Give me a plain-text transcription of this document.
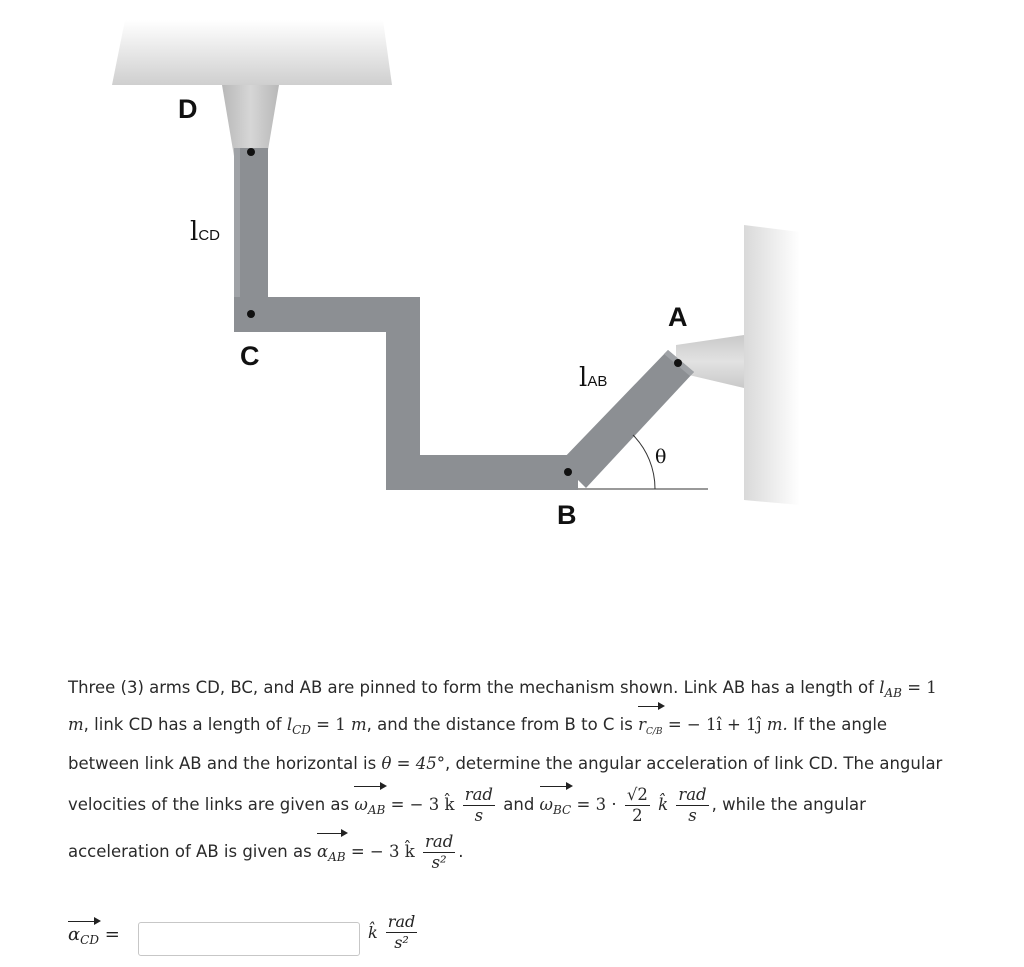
D
C
B
A
lCD
lAB
θ
Three (3) arms CD, BC, and AB are pinned to form the mechanism shown. Link AB has a length of $l_{AB} = 1$
m, link CD has a length of $l_{CD} = 1$ m, and the distance from B to C is $r_{C/B}$ = − 1î + 1ĵ m. If the angle
between link AB and the horizontal is θ = 45°, determine the angular acceleration of link CD. The angular
velocities of the links are given as $\omega_{AB}$ = − 3 k̂ $\frac{\text{rad}}{s}$ and $\omega_{BC} = 3 \cdot \frac{√2}{2}$ k̂ $\frac{\text{rad}}{s}$ , while the angular
acceleration of AB is given as $\alpha_{AB}$ = − 3 k̂ $\frac{\text{rad}}{\text{s²}}$ .
$\alpha_{CD}$ =	k̂ $\frac{\text{rad}}{\text{s²}}$
